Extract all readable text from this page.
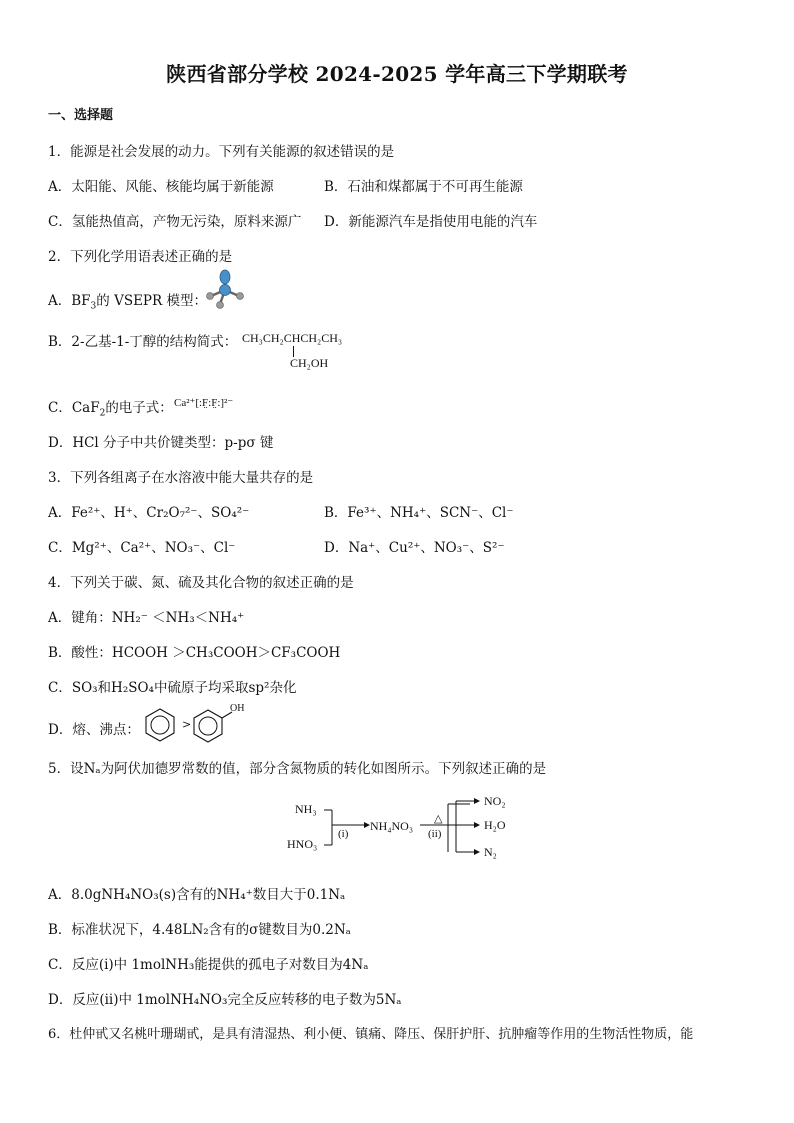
陕西省部分学校 2024-2025 学年高三下学期联考
一、选择题
1．能源是社会发展的动力。下列有关能源的叙述错误的是
A．太阳能、风能、核能均属于新能源	B．石油和煤都属于不可再生能源
C．氢能热值高，产物无污染，原料来源广 D．新能源汽车是指使用电能的汽车
2．下列化学用语表述正确的是
A．$BF_3$的 VSEPR 模型：
B．2-乙基-1-丁醇的结构简式： CH₃CH₂CHCH₂CH₃
CH₂OH
C．CaF$_2$的电子式： Ca²⁺[:F̤:F̤:]²⁻
D．HCl 分子中共价键类型：p-pσ 键
3．下列各组离子在水溶液中能大量共存的是
A．Fe²⁺、H⁺、Cr₂O₇²⁻、SO₄²⁻	B．Fe³⁺、NH₄⁺、SCN⁻、Cl⁻
C．Mg²⁺、Ca²⁺、NO₃⁻、Cl⁻	D．Na⁺、Cu²⁺、NO₃⁻、S²⁻
4．下列关于碳、氮、硫及其化合物的叙述正确的是
A．键角：NH₂⁻ ＜NH₃＜NH₄⁺
B．酸性：HCOOH ＞CH₃COOH＞CF₃COOH
C．SO₃和H₂SO₄中硫原子均采取sp²杂化
D．熔、沸点：	>
OH
5．设Nₐ为阿伏加德罗常数的值，部分含氮物质的转化如图所示。下列叙述正确的是
NH₃
HNO₃
(i)
NH₄NO₃ △
(ii)
NO₂
H₂O
N₂
A．8.0gNH₄NO₃(s)含有的NH₄⁺数目大于0.1Nₐ
B．标准状况下，4.48LN₂含有的σ键数目为0.2Nₐ
C．反应(i)中 1molNH₃能提供的孤电子对数目为4Nₐ
D．反应(ii)中 1molNH₄NO₃完全反应转移的电子数为5Nₐ
6．杜仲甙又名桃叶珊瑚甙，是具有清湿热、利小便、镇痛、降压、保肝护肝、抗肿瘤等作用的生物活性物质，能
